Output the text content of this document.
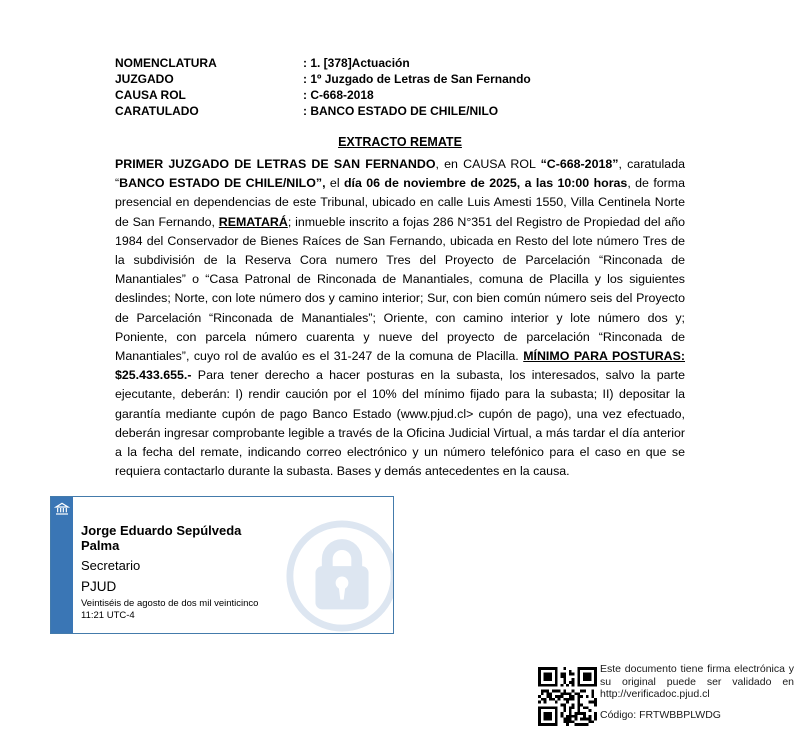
NOMENCLATURA	: 1. [378]Actuación
JUZGADO	: 1º Juzgado de Letras de San Fernando
CAUSA ROL	: C-668-2018
CARATULADO	: BANCO ESTADO DE CHILE/NILO
EXTRACTO REMATE
PRIMER JUZGADO DE LETRAS DE SAN FERNANDO, en CAUSA ROL “C-668-2018”, caratulada “BANCO ESTADO DE CHILE/NILO”, el día 06 de noviembre de 2025, a las 10:00 horas, de forma presencial en dependencias de este Tribunal, ubicado en calle Luis Amesti 1550, Villa Centinela Norte de San Fernando, REMATARÁ; inmueble inscrito a fojas 286 N°351 del Registro de Propiedad del año 1984 del Conservador de Bienes Raíces de San Fernando, ubicada en Resto del lote número Tres de la subdivisión de la Reserva Cora numero Tres del Proyecto de Parcelación “Rinconada de Manantiales” o “Casa Patronal de Rinconada de Manantiales, comuna de Placilla y los siguientes deslindes; Norte, con lote número dos y camino interior; Sur, con bien común número seis del Proyecto de Parcelación “Rinconada de Manantiales”; Oriente, con camino interior y lote número dos y; Poniente, con parcela número cuarenta y nueve del proyecto de parcelación “Rinconada de Manantiales”, cuyo rol de avalúo es el 31-247 de la comuna de Placilla. MÍNIMO PARA POSTURAS: $25.433.655.- Para tener derecho a hacer posturas en la subasta, los interesados, salvo la parte ejecutante, deberán: I) rendir caución por el 10% del mínimo fijado para la subasta; II) depositar la garantía mediante cupón de pago Banco Estado (www.pjud.cl> cupón de pago), una vez efectuado, deberán ingresar comprobante legible a través de la Oficina Judicial Virtual, a más tardar el día anterior a la fecha del remate, indicando correo electrónico y un número telefónico para el caso en que se requiera contactarlo durante la subasta. Bases y demás antecedentes en la causa.
Jorge Eduardo Sepúlveda Palma
Secretario
PJUD
Veintiséis de agosto de dos mil veinticinco
11:21 UTC-4
Este documento tiene firma electrónica y su original puede ser validado en http://verificadoc.pjud.cl
Código: FRTWBBPLWDG
